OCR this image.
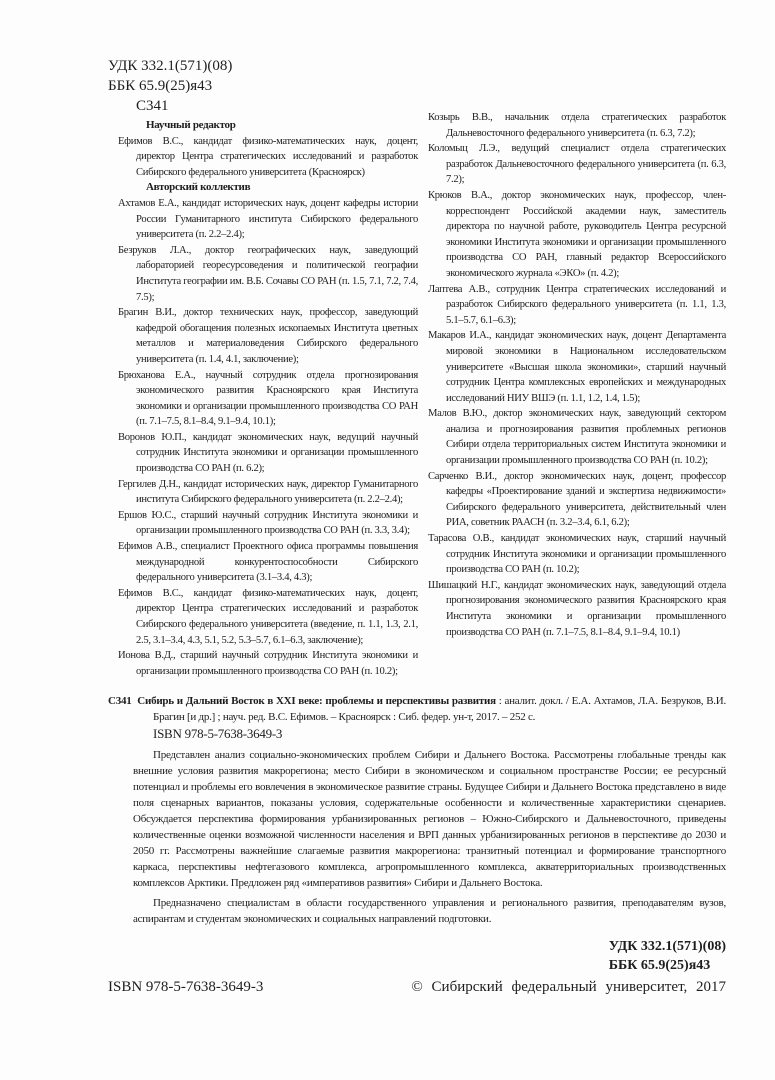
УДК 332.1(571)(08)
ББК 65.9(25)я43
С341
Научный редактор
Ефимов В.С., кандидат физико-математических наук, доцент, директор Центра стратегических исследований и разработок Сибирского федерального университета (Красноярск)
Авторский коллектив
Ахтамов Е.А., кандидат исторических наук, доцент кафедры истории России Гуманитарного института Сибирского федерального университета (п. 2.2–2.4);
Безруков Л.А., доктор географических наук, заведующий лабораторией георесурсоведения и политической географии Института географии им. В.Б. Сочавы СО РАН (п. 1.5, 7.1, 7.2, 7.4, 7.5);
Брагин В.И., доктор технических наук, профессор, заведующий кафедрой обогащения полезных ископаемых Института цветных металлов и материаловедения Сибирского федерального университета (п. 1.4, 4.1, заключение);
Брюханова Е.А., научный сотрудник отдела прогнозирования экономического развития Красноярского края Института экономики и организации промышленного производства СО РАН (п. 7.1–7.5, 8.1–8.4, 9.1–9.4, 10.1);
Воронов Ю.П., кандидат экономических наук, ведущий научный сотрудник Института экономики и организации промышленного производства СО РАН (п. 6.2);
Гергилев Д.Н., кандидат исторических наук, директор Гуманитарного института Сибирского федерального университета (п. 2.2–2.4);
Ершов Ю.С., старший научный сотрудник Института экономики и организации промышленного производства СО РАН (п. 3.3, 3.4);
Ефимов А.В., специалист Проектного офиса программы повышения международной конкурентоспособности Сибирского федерального университета (3.1–3.4, 4.3);
Ефимов В.С., кандидат физико-математических наук, доцент, директор Центра стратегических исследований и разработок Сибирского федерального университета (введение, п. 1.1, 1.3, 2.1, 2.5, 3.1–3.4, 4.3, 5.1, 5.2, 5.3–5.7, 6.1–6.3, заключение);
Ионова В.Д., старший научный сотрудник Института экономики и организации промышленного производства СО РАН (п. 10.2);
Козырь В.В., начальник отдела стратегических разработок Дальневосточного федерального университета (п. 6.3, 7.2);
Коломыц Л.Э., ведущий специалист отдела стратегических разработок Дальневосточного федерального университета (п. 6.3, 7.2);
Крюков В.А., доктор экономических наук, профессор, член-корреспондент Российской академии наук, заместитель директора по научной работе, руководитель Центра ресурсной экономики Института экономики и организации промышленного производства СО РАН, главный редактор Всероссийского экономического журнала «ЭКО» (п. 4.2);
Лаптева А.В., сотрудник Центра стратегических исследований и разработок Сибирского федерального университета (п. 1.1, 1.3, 5.1–5.7, 6.1–6.3);
Макаров И.А., кандидат экономических наук, доцент Департамента мировой экономики в Национальном исследовательском университете «Высшая школа экономики», старший научный сотрудник Центра комплексных европейских и международных исследований НИУ ВШЭ (п. 1.1, 1.2, 1.4, 1.5);
Малов В.Ю., доктор экономических наук, заведующий сектором анализа и прогнозирования развития проблемных регионов Сибири отдела территориальных систем Института экономики и организации промышленного производства СО РАН (п. 10.2);
Сарченко В.И., доктор экономических наук, доцент, профессор кафедры «Проектирование зданий и экспертиза недвижимости» Сибирского федерального университета, действительный член РИА, советник РААСН (п. 3.2–3.4, 6.1, 6.2);
Тарасова О.В., кандидат экономических наук, старший научный сотрудник Института экономики и организации промышленного производства СО РАН (п. 10.2);
Шишацкий Н.Г., кандидат экономических наук, заведующий отдела прогнозирования экономического развития Красноярского края Института экономики и организации промышленного производства СО РАН (п. 7.1–7.5, 8.1–8.4, 9.1–9.4, 10.1)
С341 Сибирь и Дальний Восток в XXI веке: проблемы и перспективы развития : аналит. докл. / Е.А. Ахтамов, Л.А. Безруков, В.И. Брагин [и др.] ; науч. ред. В.С. Ефимов. – Красноярск : Сиб. федер. ун-т, 2017. – 252 с.
ISBN 978-5-7638-3649-3
Представлен анализ социально-экономических проблем Сибири и Дальнего Востока. Рассмотрены глобальные тренды как внешние условия развития макрорегиона; место Сибири в экономическом и социальном пространстве России; ее ресурсный потенциал и проблемы его вовлечения в экономическое развитие страны. Будущее Сибири и Дальнего Востока представлено в виде поля сценарных вариантов, показаны условия, содержательные особенности и количественные характеристики сценариев. Обсуждается перспектива формирования урбанизированных регионов – Южно-Сибирского и Дальневосточного, приведены количественные оценки возможной численности населения и ВРП данных урбанизированных регионов в перспективе до 2030 и 2050 гг. Рассмотрены важнейшие слагаемые развития макрорегиона: транзитный потенциал и формирование транспортного каркаса, перспективы нефтегазового комплекса, агропромышленного комплекса, акватерриториальных производственных комплексов Арктики. Предложен ряд «императивов развития» Сибири и Дальнего Востока.
Предназначено специалистам в области государственного управления и регионального развития, преподавателям вузов, аспирантам и студентам экономических и социальных направлений подготовки.
УДК 332.1(571)(08)
ББК 65.9(25)я43
ISBN 978-5-7638-3649-3	© Сибирский федеральный университет, 2017
